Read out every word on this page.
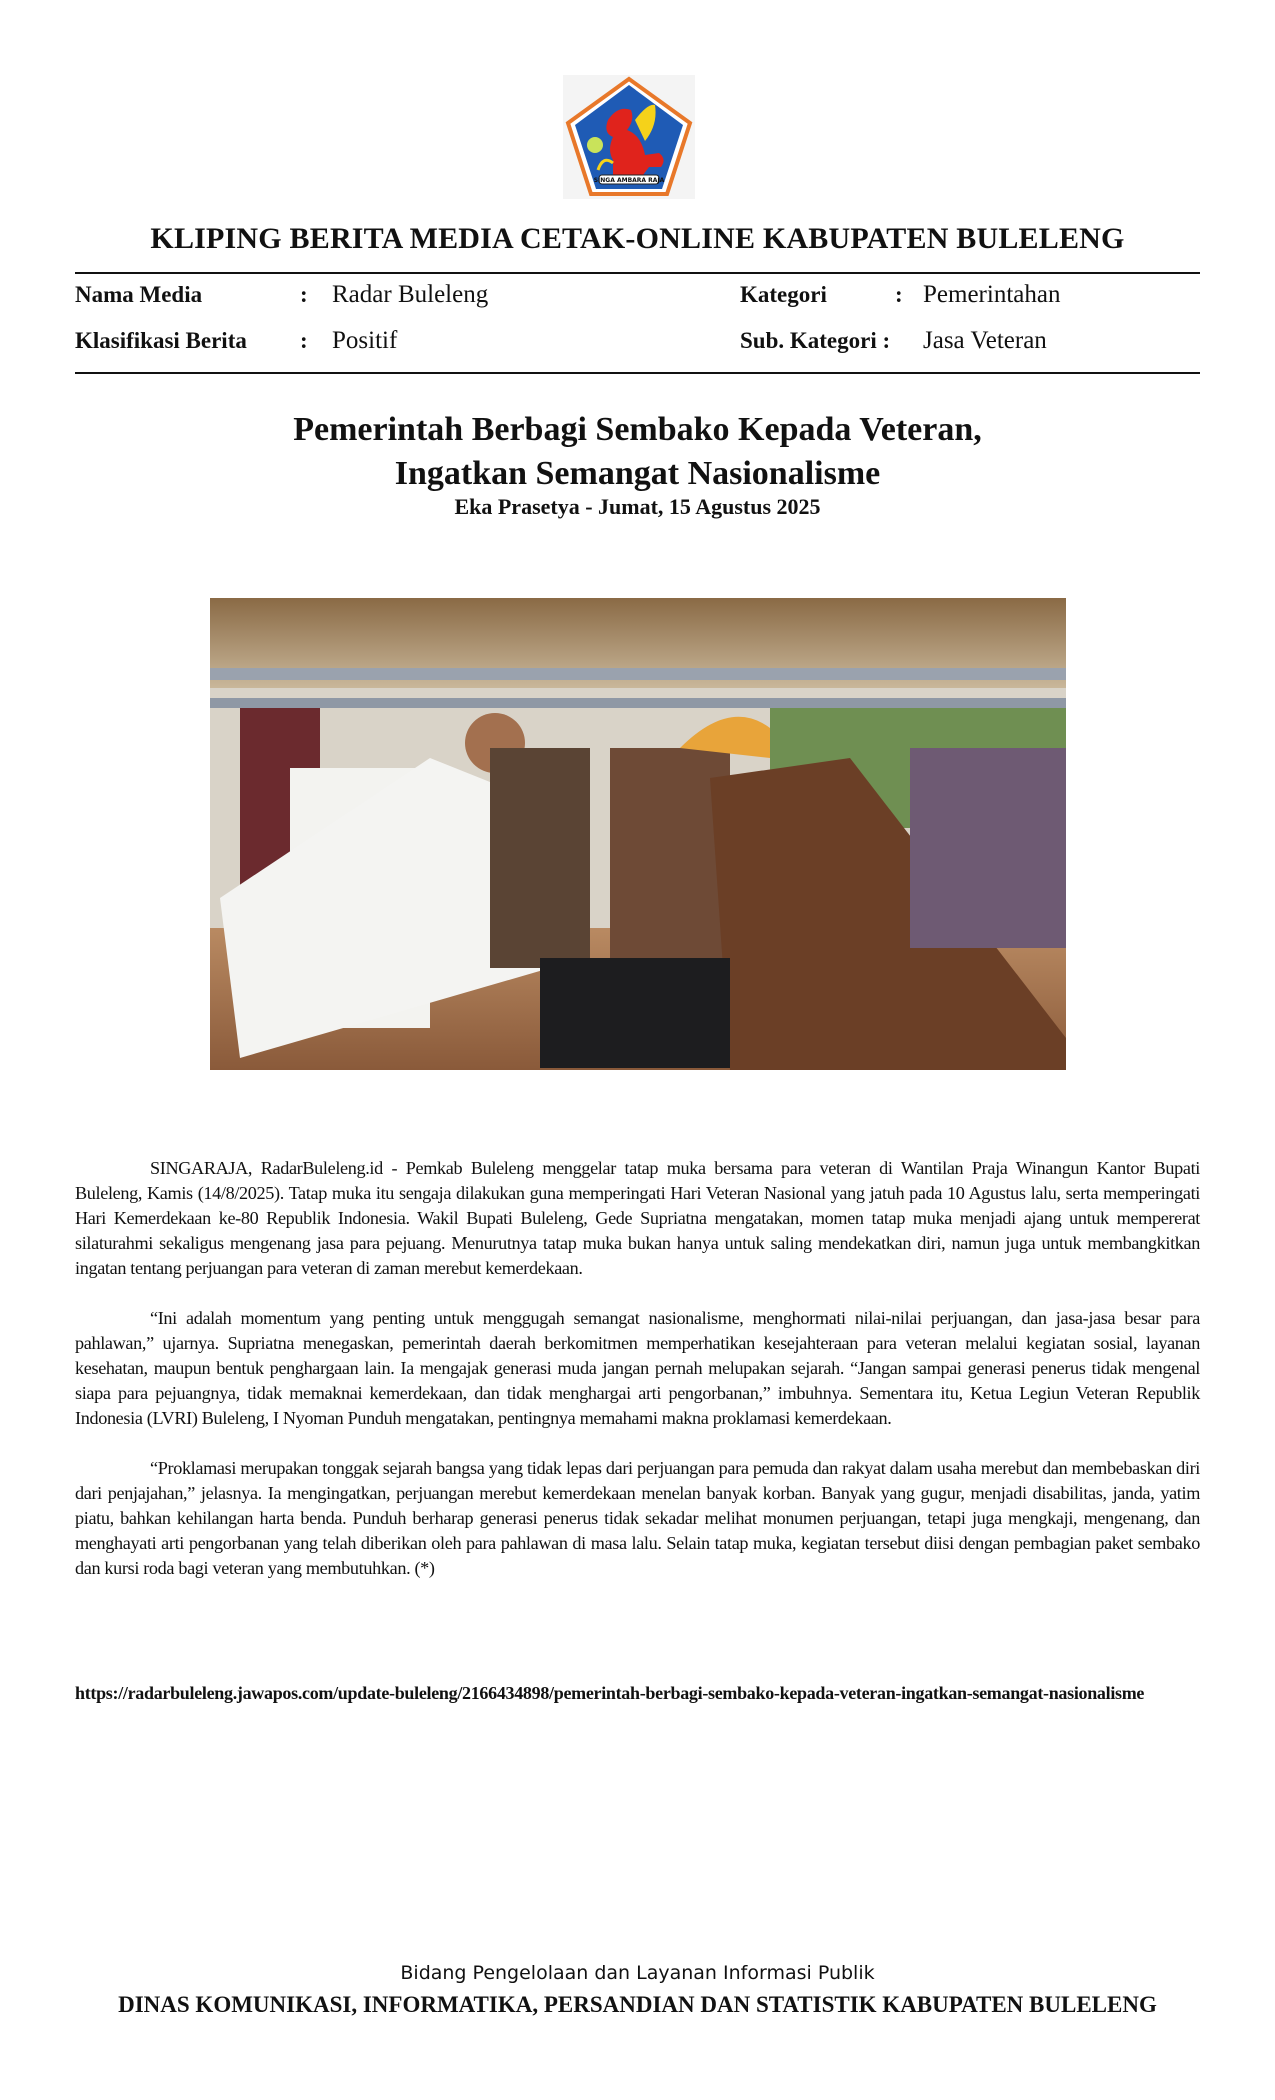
SINGA AMBARA RAJA
KLIPING BERITA MEDIA CETAK-ONLINE KABUPATEN BULELENG
Nama Media	: Radar Buleleng	Kategori	: Pemerintahan
Klasifikasi Berita : Positif	Sub. Kategori : Jasa Veteran
Pemerintah Berbagi Sembako Kepada Veteran,
Ingatkan Semangat Nasionalisme
Eka Prasetya - Jumat, 15 Agustus 2025

SINGARAJA, RadarBuleleng.id - Pemkab Buleleng menggelar tatap muka bersama para veteran di Wantilan Praja Winangun Kantor Bupati Buleleng, Kamis (14/8/2025). Tatap muka itu sengaja dilakukan guna memperingati Hari Veteran Nasional yang jatuh pada 10 Agustus lalu, serta memperingati Hari Kemerdekaan ke-80 Republik Indonesia. Wakil Bupati Buleleng, Gede Supriatna mengatakan, momen tatap muka menjadi ajang untuk mempererat silaturahmi sekaligus mengenang jasa para pejuang. Menurutnya tatap muka bukan hanya untuk saling mendekatkan diri, namun juga untuk membangkitkan ingatan tentang perjuangan para veteran di zaman merebut kemerdekaan.

“Ini adalah momentum yang penting untuk menggugah semangat nasionalisme, menghormati nilai-nilai perjuangan, dan jasa-jasa besar para pahlawan,” ujarnya. Supriatna menegaskan, pemerintah daerah berkomitmen memperhatikan kesejahteraan para veteran melalui kegiatan sosial, layanan kesehatan, maupun bentuk penghargaan lain. Ia mengajak generasi muda jangan pernah melupakan sejarah. “Jangan sampai generasi penerus tidak mengenal siapa para pejuangnya, tidak memaknai kemerdekaan, dan tidak menghargai arti pengorbanan,” imbuhnya. Sementara itu, Ketua Legiun Veteran Republik Indonesia (LVRI) Buleleng, I Nyoman Punduh mengatakan, pentingnya memahami makna proklamasi kemerdekaan.

“Proklamasi merupakan tonggak sejarah bangsa yang tidak lepas dari perjuangan para pemuda dan rakyat dalam usaha merebut dan membebaskan diri dari penjajahan,” jelasnya. Ia mengingatkan, perjuangan merebut kemerdekaan menelan banyak korban. Banyak yang gugur, menjadi disabilitas, janda, yatim piatu, bahkan kehilangan harta benda. Punduh berharap generasi penerus tidak sekadar melihat monumen perjuangan, tetapi juga mengkaji, mengenang, dan menghayati arti pengorbanan yang telah diberikan oleh para pahlawan di masa lalu. Selain tatap muka, kegiatan tersebut diisi dengan pembagian paket sembako dan kursi roda bagi veteran yang membutuhkan. (*)

https://radarbuleleng.jawapos.com/update-buleleng/2166434898/pemerintah-berbagi-sembako-kepada-veteran-ingatkan-semangat-nasionalisme
Bidang Pengelolaan dan Layanan Informasi Publik
DINAS KOMUNIKASI, INFORMATIKA, PERSANDIAN DAN STATISTIK KABUPATEN BULELENG
